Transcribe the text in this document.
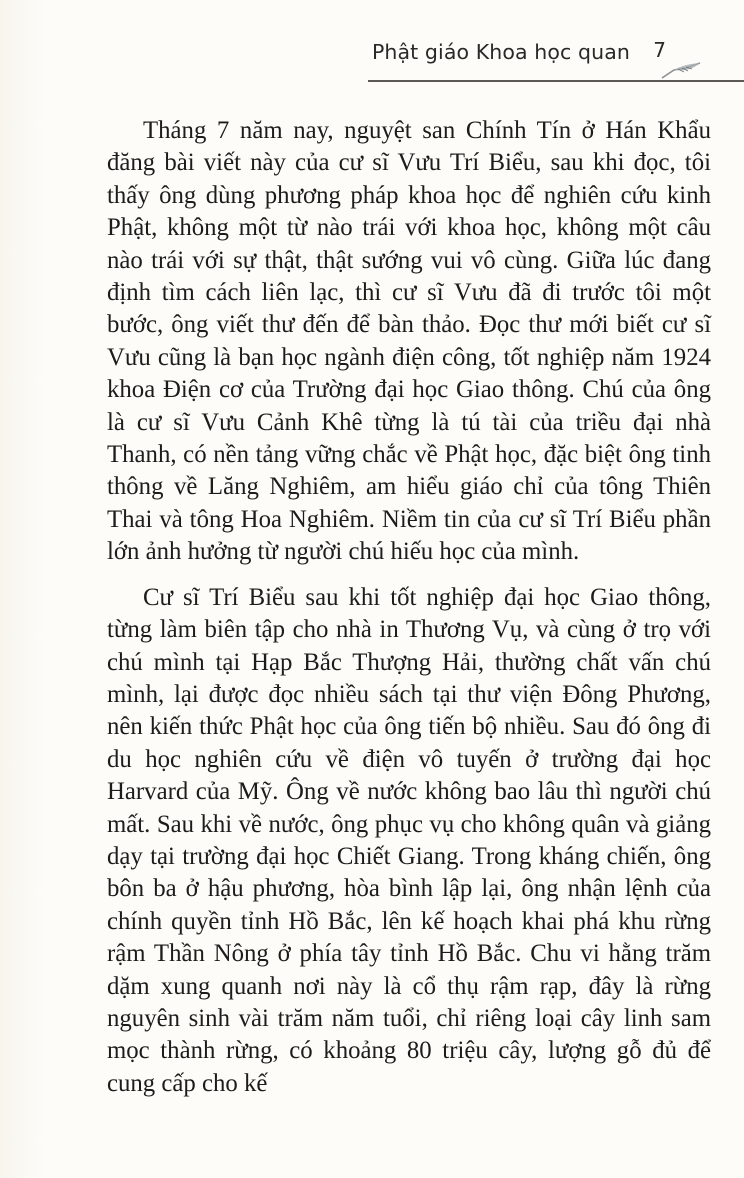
Phật giáo Khoa học quan 7

Tháng 7 năm nay, nguyệt san Chính Tín ở Hán Khẩu đăng bài viết này của cư sĩ Vưu Trí Biểu, sau khi đọc, tôi thấy ông dùng phương pháp khoa học để nghiên cứu kinh Phật, không một từ nào trái với khoa học, không một câu nào trái với sự thật, thật sướng vui vô cùng. Giữa lúc đang định tìm cách liên lạc, thì cư sĩ Vưu đã đi trước tôi một bước, ông viết thư đến để bàn thảo. Đọc thư mới biết cư sĩ Vưu cũng là bạn học ngành điện công, tốt nghiệp năm 1924 khoa Điện cơ của Trường đại học Giao thông. Chú của ông là cư sĩ Vưu Cảnh Khê từng là tú tài của triều đại nhà Thanh, có nền tảng vững chắc về Phật học, đặc biệt ông tinh thông về Lăng Nghiêm, am hiểu giáo chỉ của tông Thiên Thai và tông Hoa Nghiêm. Niềm tin của cư sĩ Trí Biểu phần lớn ảnh hưởng từ người chú hiếu học của mình.

Cư sĩ Trí Biểu sau khi tốt nghiệp đại học Giao thông, từng làm biên tập cho nhà in Thương Vụ, và cùng ở trọ với chú mình tại Hạp Bắc Thượng Hải, thường chất vấn chú mình, lại được đọc nhiều sách tại thư viện Đông Phương, nên kiến thức Phật học của ông tiến bộ nhiều. Sau đó ông đi du học nghiên cứu về điện vô tuyến ở trường đại học Harvard của Mỹ. Ông về nước không bao lâu thì người chú mất. Sau khi về nước, ông phục vụ cho không quân và giảng dạy tại trường đại học Chiết Giang. Trong kháng chiến, ông bôn ba ở hậu phương, hòa bình lập lại, ông nhận lệnh của chính quyền tỉnh Hồ Bắc, lên kế hoạch khai phá khu rừng rậm Thần Nông ở phía tây tỉnh Hồ Bắc. Chu vi hằng trăm dặm xung quanh nơi này là cổ thụ rậm rạp, đây là rừng nguyên sinh vài trăm năm tuổi, chỉ riêng loại cây linh sam mọc thành rừng, có khoảng 80 triệu cây, lượng gỗ đủ để cung cấp cho kế
